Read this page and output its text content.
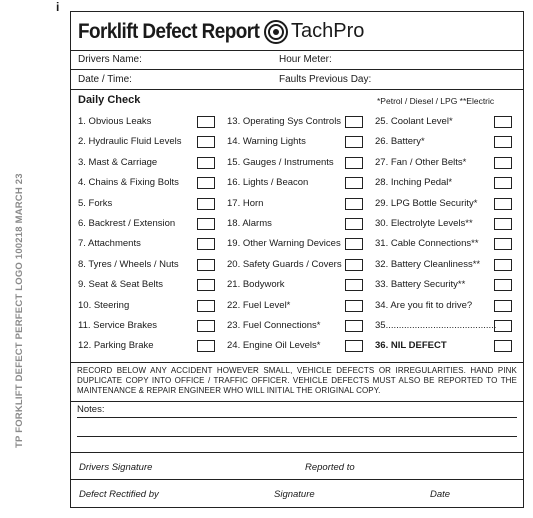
i
TP FORKLIFT DEFECT PERFECT LOGO 100218 MARCH 23
Forklift Defect Report TachPro
Drivers Name:	Hour Meter:
Date / Time:	Faults Previous Day:
Daily Check	*Petrol / Diesel / LPG **Electric
1. Obvious Leaks
2. Hydraulic Fluid Levels
3. Mast & Carriage
4. Chains & Fixing Bolts
5. Forks
6. Backrest / Extension
7. Attachments
8. Tyres / Wheels / Nuts
9. Seat & Seat Belts
10. Steering
11. Service Brakes
12. Parking Brake
13. Operating Sys Controls
14. Warning Lights
15. Gauges / Instruments
16. Lights / Beacon
17. Horn
18. Alarms
19. Other Warning Devices
20. Safety Guards / Covers
21. Bodywork
22. Fuel Level*
23. Fuel Connections*
24. Engine Oil Levels*
25. Coolant Level*
26. Battery*
27. Fan / Other Belts*
28. Inching Pedal*
29. LPG Bottle Security*
30. Electrolyte Levels**
31. Cable Connections**
32. Battery Cleanliness**
33. Battery Security**
34. Are you fit to drive?
35..........................................
36. NIL DEFECT
RECORD BELOW ANY ACCIDENT HOWEVER SMALL, VEHICLE DEFECTS OR IRREGULARITIES. HAND PINK DUPLICATE COPY INTO OFFICE / TRAFFIC OFFICER. VEHICLE DEFECTS MUST ALSO BE REPORTED TO THE MAINTENANCE & REPAIR ENGINEER WHO WILL INITIAL THE ORIGINAL COPY.
Notes:
Drivers Signature	Reported to
Defect Rectified by	Signature	Date
